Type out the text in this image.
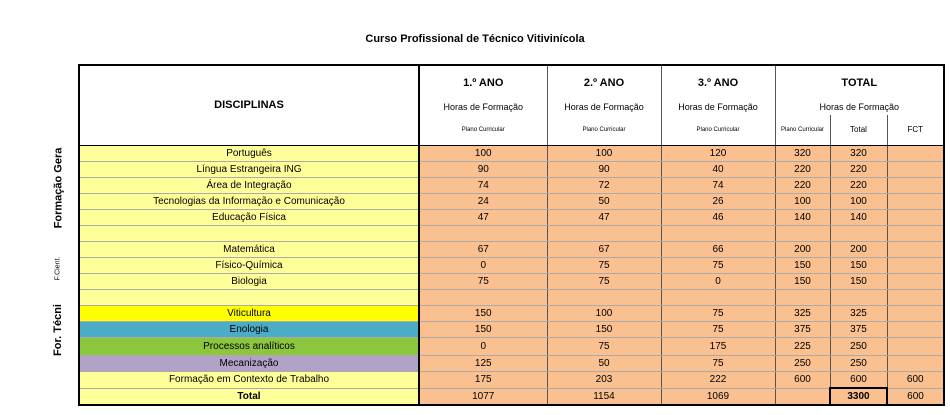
Curso Profissional de Técnico Vitivinícola
Formação Gera
F.Cient.
For. Técni
DISCIPLINAS	1.º ANO	2.º ANO	3.º ANO	TOTAL		
	Horas de Formação	Horas de Formação	Horas de Formação	Horas de Formação		
	Plano Curricular	Plano Curricular	Plano Curricular	Plano Curricular	Total	FCT
Português	100	100	120	320	320	
Língua Estrangeira ING	90	90	40	220	220	
Área de Integração	74	72	74	220	220	
Tecnologias da Informação e Comunicação	24	50	26	100	100	
Educação Física	47	47	46	140	140	

Matemática	67	67	66	200	200	
Físico-Química	0	75	75	150	150	
Biologia	75	75	0	150	150	

Viticultura	150	100	75	325	325	
Enologia	150	150	75	375	375	
Processos analíticos	0	75	175	225	250	
Mecanização	125	50	75	250	250	
Formação em Contexto de Trabalho	175	203	222	600	600	600
Total	1077	1154	1069		3300	600
